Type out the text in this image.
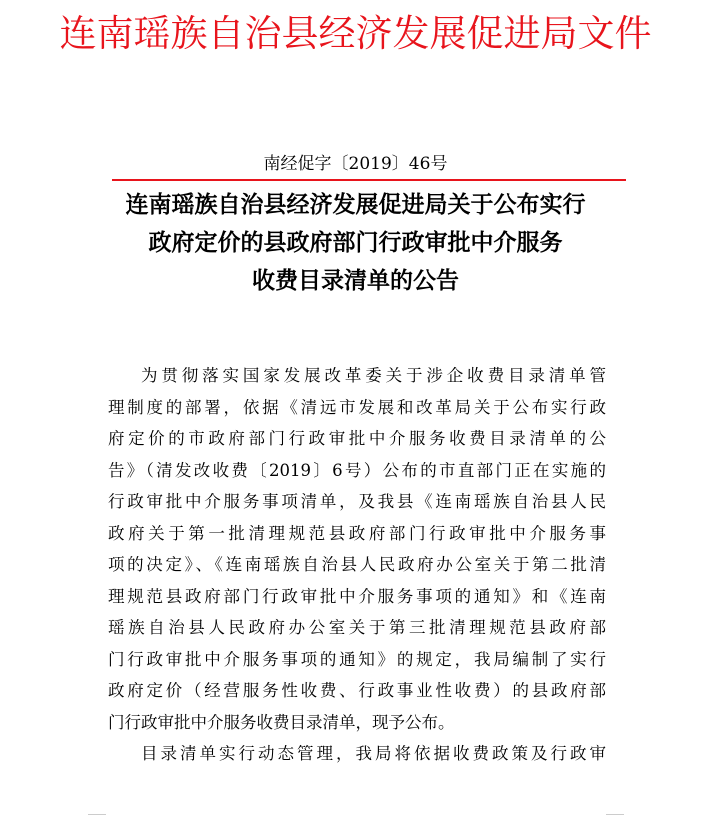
连南瑶族自治县经济发展促进局文件
南经促字〔2019〕46号
连南瑶族自治县经济发展促进局关于公布实行
政府定价的县政府部门行政审批中介服务
收费目录清单的公告
为贯彻落实国家发展改革委关于涉企收费目录清单管
理制度的部署，依据《清远市发展和改革局关于公布实行政
府定价的市政府部门行政审批中介服务收费目录清单的公
告》（清发改收费〔2019〕6号）公布的市直部门正在实施的
行政审批中介服务事项清单，及我县《连南瑶族自治县人民
政府关于第一批清理规范县政府部门行政审批中介服务事
项的决定》、《连南瑶族自治县人民政府办公室关于第二批清
理规范县政府部门行政审批中介服务事项的通知》和《连南
瑶族自治县人民政府办公室关于第三批清理规范县政府部
门行政审批中介服务事项的通知》的规定，我局编制了实行
政府定价（经营服务性收费、行政事业性收费）的县政府部
门行政审批中介服务收费目录清单，现予公布。
目录清单实行动态管理，我局将依据收费政策及行政审
